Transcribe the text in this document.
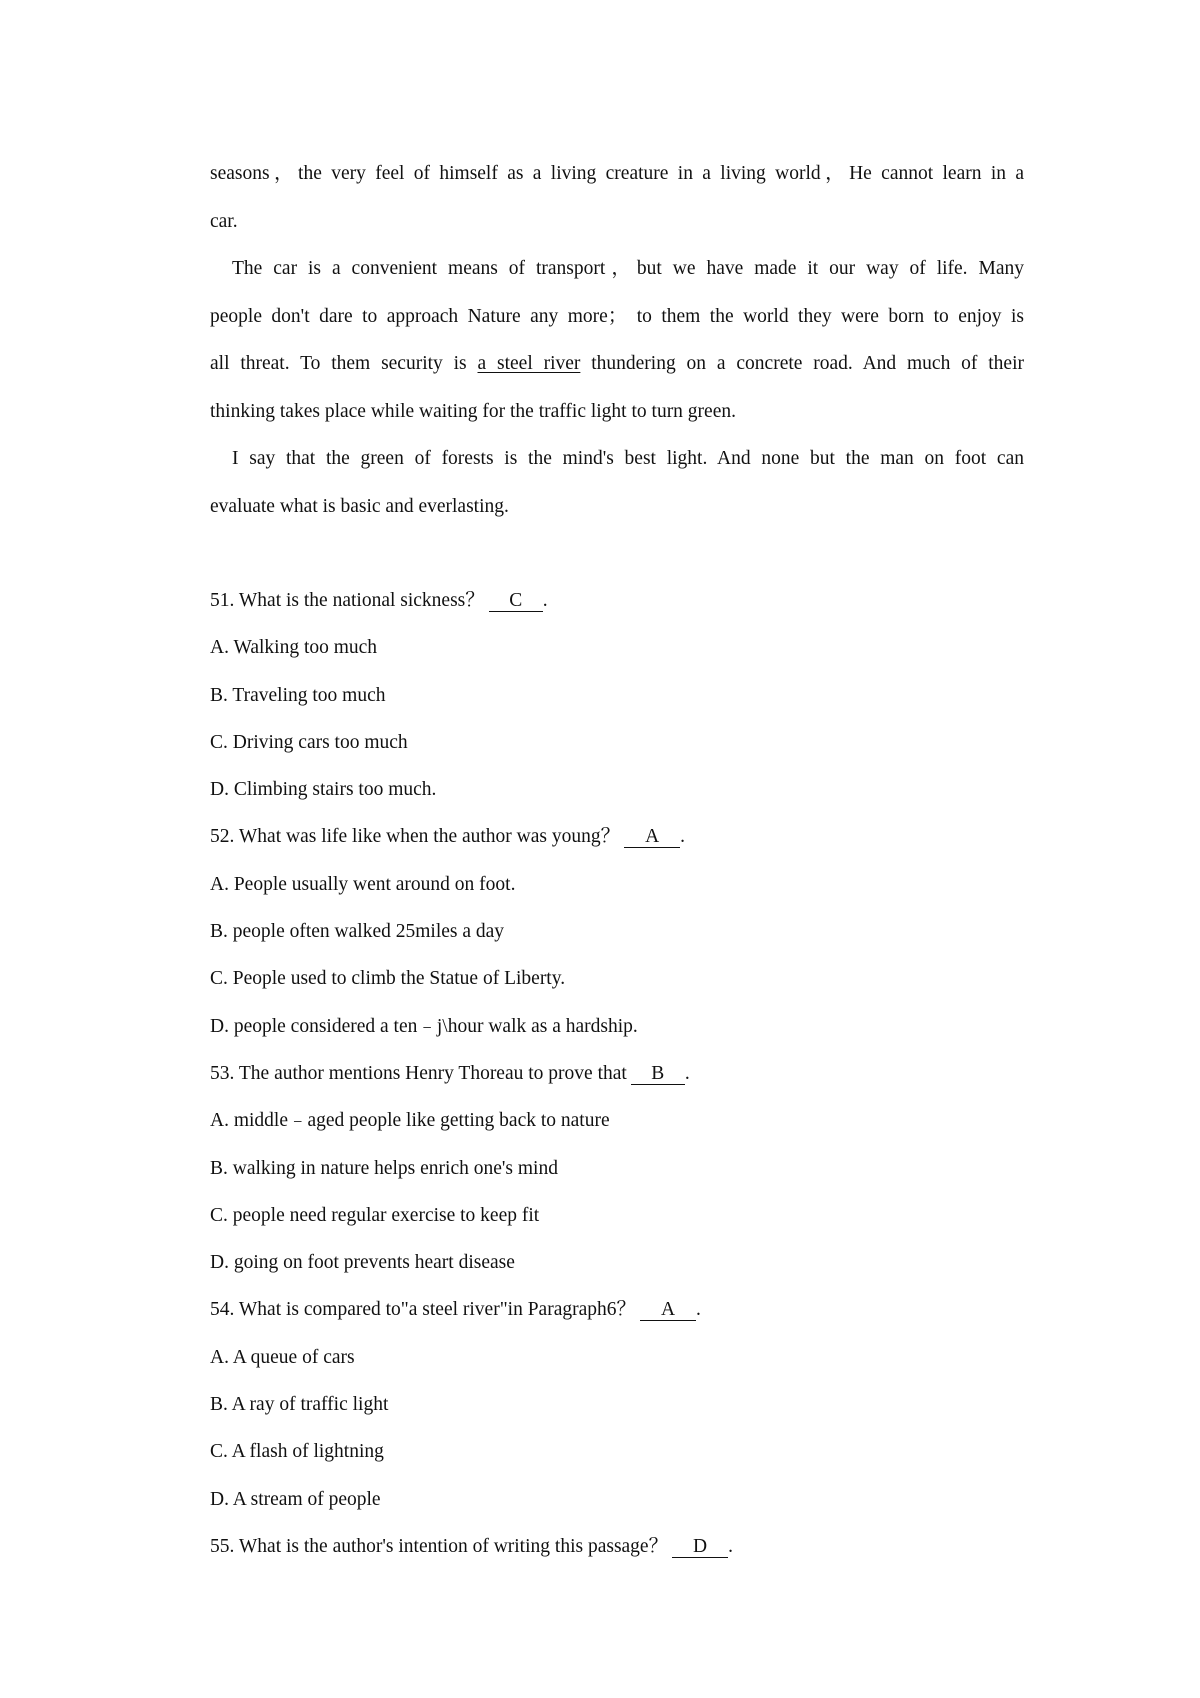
seasons，the very feel of himself as a living creature in a living world，He cannot learn in a

car.

The car is a convenient means of transport，but we have made it our way of life. Many

people don't dare to approach Nature any more； to them the world they were born to enjoy is

all threat. To them security is a steel river thundering on a concrete road. And much of their

thinking takes place while waiting for the traffic light to turn green.

I say that the green of forests is the mind's best light. And none but the man on foot can

evaluate what is basic and everlasting.

51. What is the national sickness？ C .

A. Walking too much

B. Traveling too much

C. Driving cars too much

D. Climbing stairs too much.

52. What was life like when the author was young？ A .

A. People usually went around on foot.

B. people often walked 25miles a day

C. People used to climb the Statue of Liberty.

D. people considered a ten﹣j\hour walk as a hardship.

53. The author mentions Henry Thoreau to prove that B .

A. middle﹣aged people like getting back to nature

B. walking in nature helps enrich one's mind

C. people need regular exercise to keep fit

D. going on foot prevents heart disease

54. What is compared to"a steel river"in Paragraph6？ A .

A. A queue of cars

B. A ray of traffic light

C. A flash of lightning

D. A stream of people

55. What is the author's intention of writing this passage？ D .
